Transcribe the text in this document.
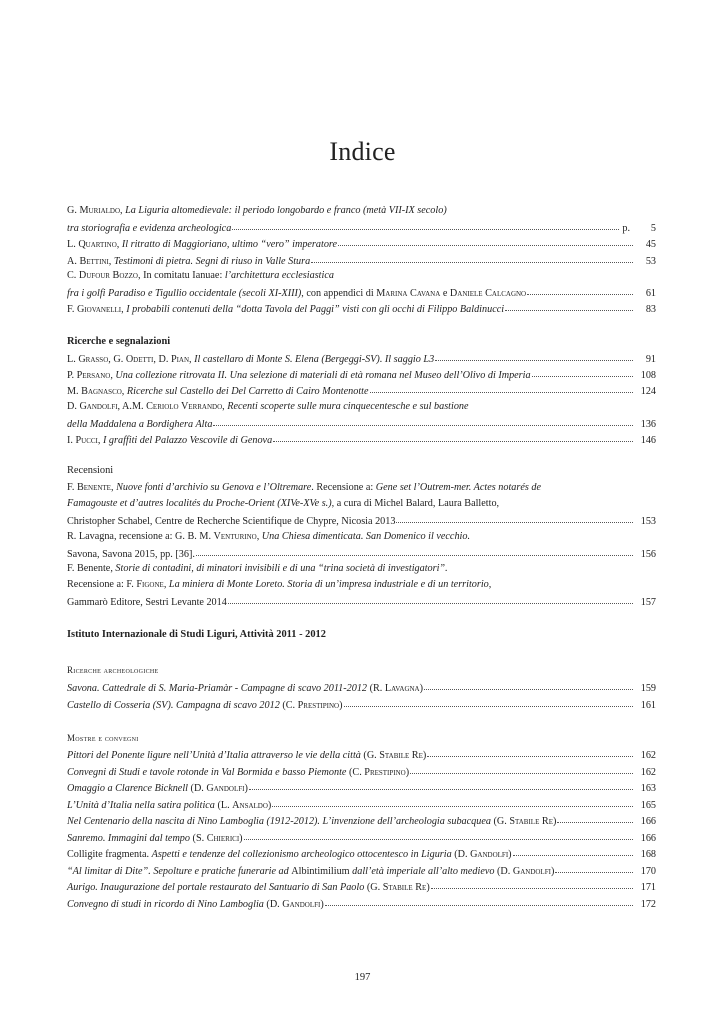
Indice
Ricerche e segnalazioni
Recensioni
Istituto Internazionale di Studi Liguri, Attività 2011 - 2012
Ricerche archeologiche
Mostre e convegni
G. Murialdo, La Liguria altomedievale: il periodo longobardo e franco (metà VII-IX secolo)
tra storiografia e evidenza archeologica	p.	5
L. Quartino, Il ritratto di Maggioriano, ultimo “vero” imperatore	45
A. Bettini, Testimoni di pietra. Segni di riuso in Valle Stura	53
C. Dufour Bozzo, In comitatu Ianuae: l’architettura ecclesiastica
fra i golfi Paradiso e Tigullio occidentale (secoli XI-XIII), con appendici di Marina Cavana e Daniele Calcagno	61
F. Giovanelli, I probabili contenuti della “dotta Tavola del Paggi” visti con gli occhi di Filippo Baldinucci	83
L. Grasso, G. Odetti, D. Pian, Il castellaro di Monte S. Elena (Bergeggi-SV). Il saggio L3	91
P. Persano, Una collezione ritrovata II. Una selezione di materiali di età romana nel Museo dell’Olivo di Imperia	108
M. Bagnasco, Ricerche sul Castello dei Del Carretto di Cairo Montenotte	124
D. Gandolfi, A.M. Ceriolo Verrando, Recenti scoperte sulle mura cinquecentesche e sul bastione
della Maddalena a Bordighera Alta	136
I. Pucci, I graffiti del Palazzo Vescovile di Genova	146
F. Benente, Nuove fonti d’archivio su Genova e l’Oltremare. Recensione a: Gene set l’Outrem-mer. Actes notarés de
Famagouste et d’autres localités du Proche-Orient (XIVe-XVe s.), a cura di Michel Balard, Laura Balletto,
Christopher Schabel, Centre de Recherche Scientifique de Chypre, Nicosia 2013	153
R. Lavagna, recensione a: G. B. M. Venturino, Una Chiesa dimenticata. San Domenico il vecchio.
Savona, Savona 2015, pp. [36].	156
F. Benente, Storie di contadini, di minatori invisibili e di una “trina società di investigatori”.
Recensione a: F. Figone, La miniera di Monte Loreto. Storia di un’impresa industriale e di un territorio,
Gammarò Editore, Sestri Levante 2014	157
Savona. Cattedrale di S. Maria-Priamàr - Campagne di scavo 2011-2012 (R. Lavagna)	159
Castello di Cosseria (SV). Campagna di scavo 2012 (C. Prestipino)	161
Pittori del Ponente ligure nell’Unità d’Italia attraverso le vie della città (G. Stabile Re)	162
Convegni di Studi e tavole rotonde in Val Bormida e basso Piemonte (C. Prestipino)	162
Omaggio a Clarence Bicknell (D. Gandolfi)	163
L’Unità d’Italia nella satira politica (L. Ansaldo)	165
Nel Centenario della nascita di Nino Lamboglia (1912-2012). L’invenzione dell’archeologia subacquea (G. Stabile Re)	166
Sanremo. Immagini dal tempo (S. Chierici)	166
Colligite fragmenta. Aspetti e tendenze del collezionismo archeologico ottocentesco in Liguria (D. Gandolfi)	168
“Al limitar di Dite”. Sepolture e pratiche funerarie ad Albintimilium dall’età imperiale all’alto medievo (D. Gandolfi)	170
Aurigo. Inaugurazione del portale restaurato del Santuario di San Paolo (G. Stabile Re)	171
Convegno di studi in ricordo di Nino Lamboglia (D. Gandolfi)	172
197
